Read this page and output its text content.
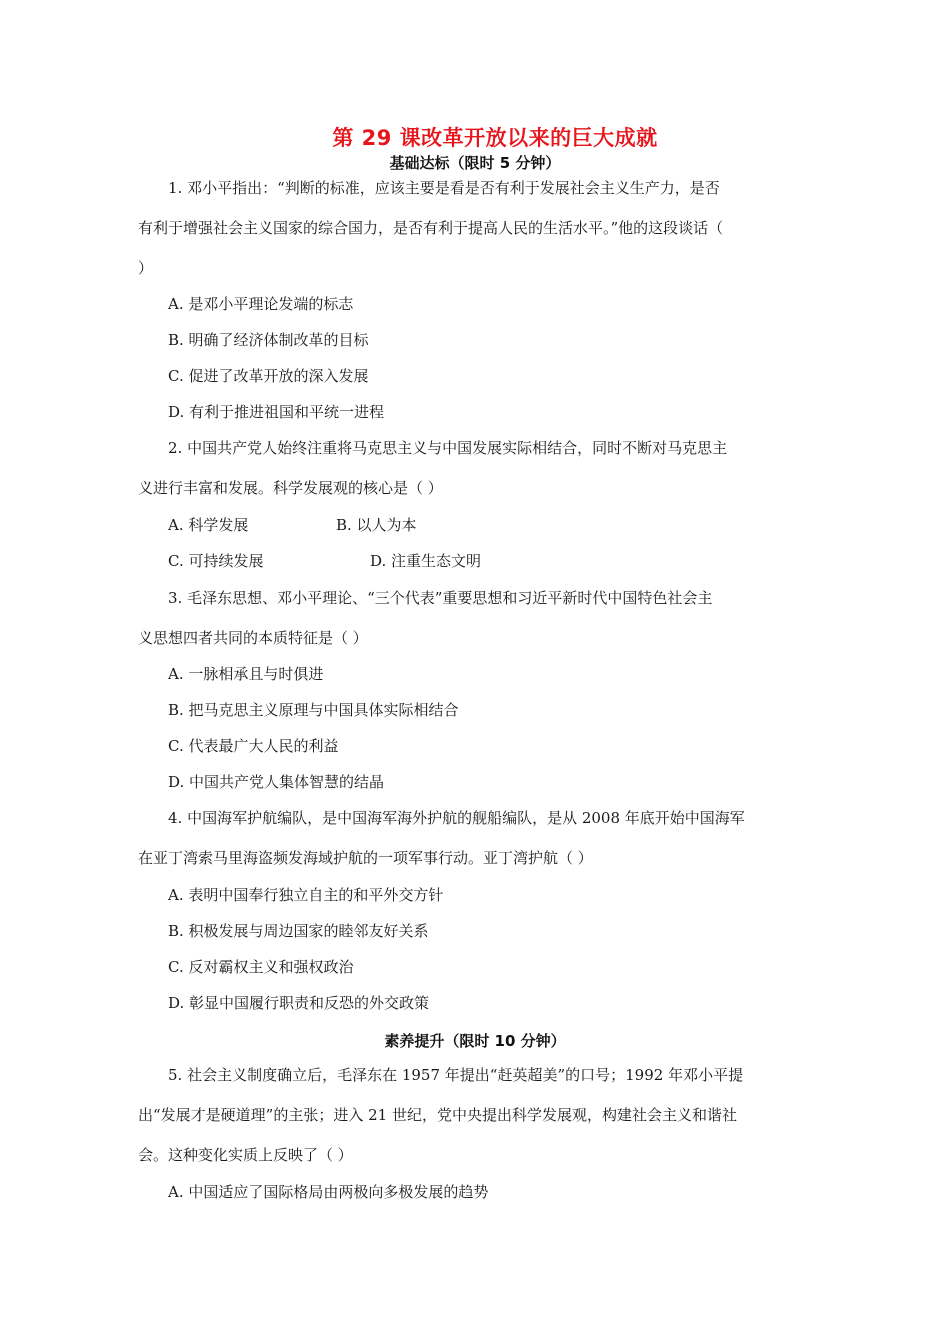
第 29 课改革开放以来的巨大成就
基础达标（限时 5 分钟）
1. 邓小平指出：“判断的标准，应该主要是看是否有利于发展社会主义生产力，是否
有利于增强社会主义国家的综合国力，是否有利于提高人民的生活水平。”他的这段谈话（
）
A. 是邓小平理论发端的标志
B. 明确了经济体制改革的目标
C. 促进了改革开放的深入发展
D. 有利于推进祖国和平统一进程
2. 中国共产党人始终注重将马克思主义与中国发展实际相结合，同时不断对马克思主
义进行丰富和发展。科学发展观的核心是（ ）
A. 科学发展	B. 以人为本
C. 可持续发展	D. 注重生态文明
3. 毛泽东思想、邓小平理论、“三个代表”重要思想和习近平新时代中国特色社会主
义思想四者共同的本质特征是（ ）
A. 一脉相承且与时俱进
B. 把马克思主义原理与中国具体实际相结合
C. 代表最广大人民的利益
D. 中国共产党人集体智慧的结晶
4. 中国海军护航编队，是中国海军海外护航的舰船编队，是从 2008 年底开始中国海军
在亚丁湾索马里海盗频发海域护航的一项军事行动。亚丁湾护航（ ）
A. 表明中国奉行独立自主的和平外交方针
B. 积极发展与周边国家的睦邻友好关系
C. 反对霸权主义和强权政治
D. 彰显中国履行职责和反恐的外交政策
素养提升（限时 10 分钟）
5. 社会主义制度确立后，毛泽东在 1957 年提出“赶英超美”的口号；1992 年邓小平提
出“发展才是硬道理”的主张；进入 21 世纪，党中央提出科学发展观，构建社会主义和谐社
会。这种变化实质上反映了（ ）
A. 中国适应了国际格局由两极向多极发展的趋势
